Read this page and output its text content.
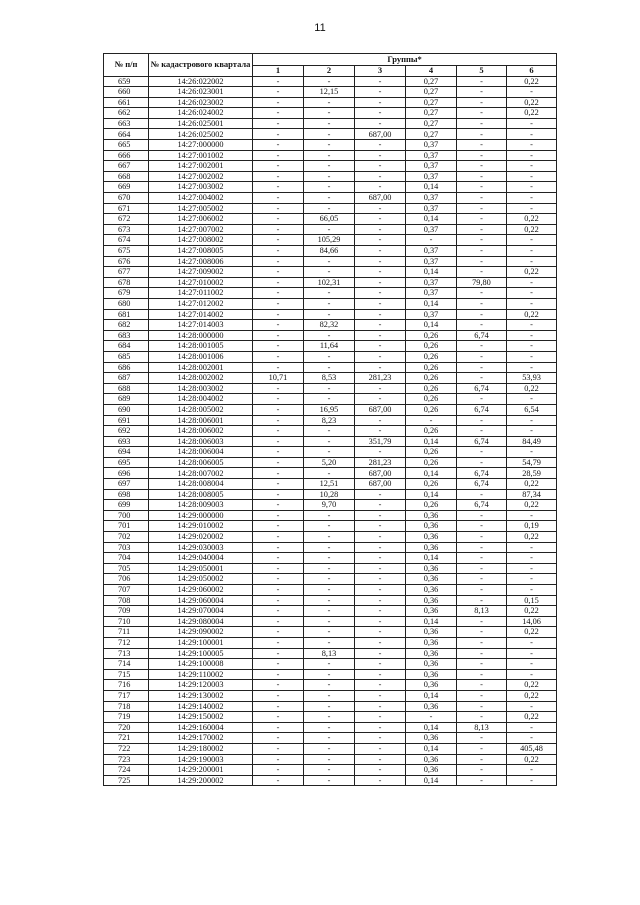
11
№ п/п	№ кадастрового квартала	Группы*					
		1	2	3	4	5	6
659	14:26:022002	-	-	-	0,27	-	0,22
660	14:26:023001	-	12,15	-	0,27	-	-
661	14:26:023002	-	-	-	0,27	-	0,22
662	14:26:024002	-	-	-	0,27	-	0,22
663	14:26:025001	-	-	-	0,27	-	-
664	14:26:025002	-	-	687,00	0,27	-	-
665	14:27:000000	-	-	-	0,37	-	-
666	14:27:001002	-	-	-	0,37	-	-
667	14:27:002001	-	-	-	0,37	-	-
668	14:27:002002	-	-	-	0,37	-	-
669	14:27:003002	-	-	-	0,14	-	-
670	14:27:004002	-	-	687,00	0,37	-	-
671	14:27:005002	-	-	-	0,37	-	-
672	14:27:006002	-	66,05	-	0,14	-	0,22
673	14:27:007002	-	-	-	0,37	-	0,22
674	14:27:008002	-	105,29	-	-	-	-
675	14:27:008005	-	84,66	-	0,37	-	-
676	14:27:008006	-	-	-	0,37	-	-
677	14:27:009002	-	-	-	0,14	-	0,22
678	14:27:010002	-	102,31	-	0,37	79,80	-
679	14:27:011002	-	-	-	0,37	-	-
680	14:27:012002	-	-	-	0,14	-	-
681	14:27:014002	-	-	-	0,37	-	0,22
682	14:27:014003	-	82,32	-	0,14	-	-
683	14:28:000000	-	-	-	0,26	6,74	-
684	14:28:001005	-	11,64	-	0,26	-	-
685	14:28:001006	-	-	-	0,26	-	-
686	14:28:002001	-	-	-	0,26	-	-
687	14:28:002002	10,71	8,53	281,23	0,26	-	53,93
688	14:28:003002	-	-	-	0,26	6,74	0,22
689	14:28:004002	-	-	-	0,26	-	-
690	14:28:005002	-	16,95	687,00	0,26	6,74	6,54
691	14:28:006001	-	8,23	-	-	-	-
692	14:28:006002	-	-	-	0,26	-	-
693	14:28:006003	-	-	351,79	0,14	6,74	84,49
694	14:28:006004	-	-	-	0,26	-	-
695	14:28:006005	-	5,20	281,23	0,26	-	54,79
696	14:28:007002	-	-	687,00	0,14	6,74	28,59
697	14:28:008004	-	12,51	687,00	0,26	6,74	0,22
698	14:28:008005	-	10,28	-	0,14	-	87,34
699	14:28:009003	-	9,70	-	0,26	6,74	0,22
700	14:29:000000	-	-	-	0,36	-	-
701	14:29:010002	-	-	-	0,36	-	0,19
702	14:29:020002	-	-	-	0,36	-	0,22
703	14:29:030003	-	-	-	0,36	-	-
704	14:29:040004	-	-	-	0,14	-	-
705	14:29:050001	-	-	-	0,36	-	-
706	14:29:050002	-	-	-	0,36	-	-
707	14:29:060002	-	-	-	0,36	-	-
708	14:29:060004	-	-	-	0,36	-	0,15
709	14:29:070004	-	-	-	0,36	8,13	0,22
710	14:29:080004	-	-	-	0,14	-	14,06
711	14:29:090002	-	-	-	0,36	-	0,22
712	14:29:100001	-	-	-	0,36	-	-
713	14:29:100005	-	8,13	-	0,36	-	-
714	14:29:100008	-	-	-	0,36	-	-
715	14:29:110002	-	-	-	0,36	-	-
716	14:29:120003	-	-	-	0,36	-	0,22
717	14:29:130002	-	-	-	0,14	-	0,22
718	14:29:140002	-	-	-	0,36	-	-
719	14:29:150002	-	-	-	-	-	0,22
720	14:29:160004	-	-	-	0,14	8,13	-
721	14:29:170002	-	-	-	0,36	-	-
722	14:29:180002	-	-	-	0,14	-	405,48
723	14:29:190003	-	-	-	0,36	-	0,22
724	14:29:200001	-	-	-	0,36	-	-
725	14:29:200002	-	-	-	0,14	-	-
